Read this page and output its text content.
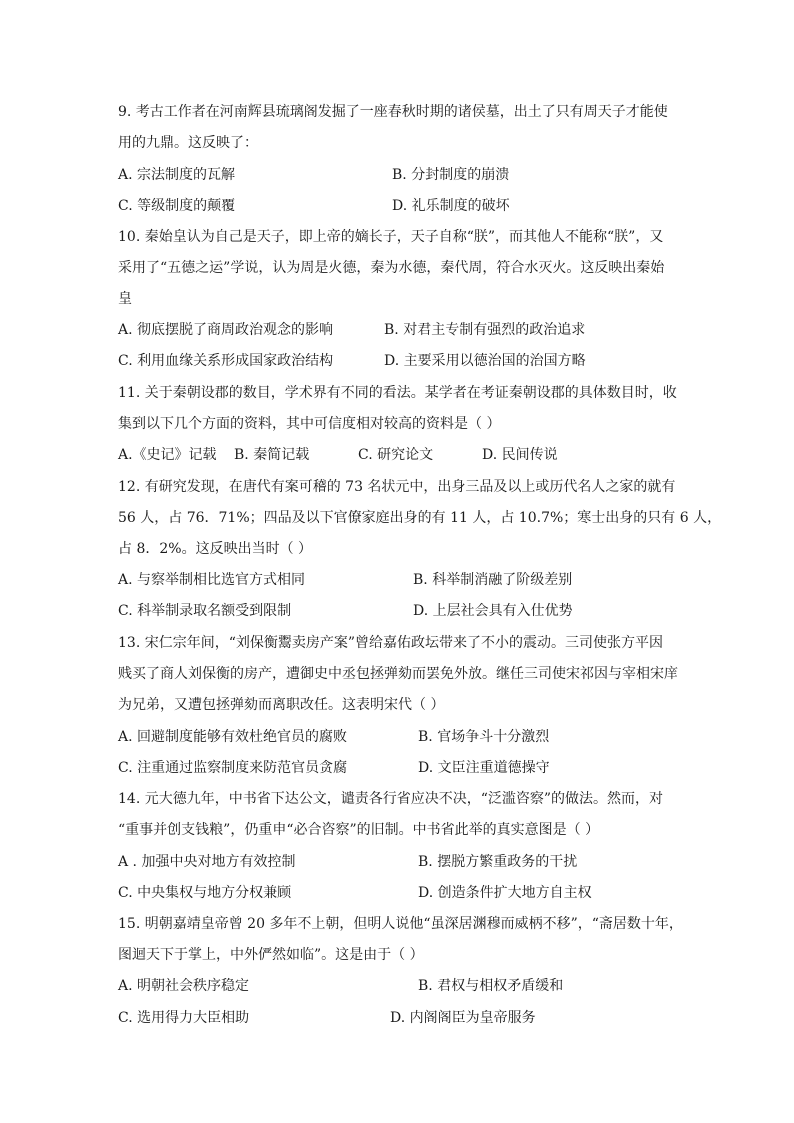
9. 考古工作者在河南辉县琉璃阁发掘了一座春秋时期的诸侯墓，出土了只有周天子才能使
用的九鼎。这反映了：
A. 宗法制度的瓦解	B. 分封制度的崩溃
C. 等级制度的颠覆	D. 礼乐制度的破坏
10. 秦始皇认为自己是天子，即上帝的嫡长子，天子自称“朕”，而其他人不能称“朕”，又
采用了“五德之运”学说，认为周是火德，秦为水德，秦代周，符合水灭火。这反映出秦始
皇
A. 彻底摆脱了商周政治观念的影响	B. 对君主专制有强烈的政治追求
C. 利用血缘关系形成国家政治结构	D. 主要采用以德治国的治国方略
11. 关于秦朝设郡的数目，学术界有不同的看法。某学者在考证秦朝设郡的具体数目时，收
集到以下几个方面的资料，其中可信度相对较高的资料是（ ）
A.《史记》记载 B. 秦简记载	C. 研究论文	D. 民间传说
12. 有研究发现，在唐代有案可稽的 73 名状元中，出身三品及以上或历代名人之家的就有
56 人，占 76．71%；四品及以下官僚家庭出身的有 11 人，占 10.7%；寒士出身的只有 6 人，
占 8．2%。这反映出当时（ ）
A. 与察举制相比选官方式相同	B. 科举制消融了阶级差别
C. 科举制录取名额受到限制	D. 上层社会具有入仕优势
13. 宋仁宗年间，“刘保衡鬻卖房产案”曾给嘉佑政坛带来了不小的震动。三司使张方平因
贱买了商人刘保衡的房产，遭御史中丞包拯弹劾而罢免外放。继任三司使宋祁因与宰相宋庠
为兄弟，又遭包拯弹劾而离职改任。这表明宋代（ ）
A. 回避制度能够有效杜绝官员的腐败	B. 官场争斗十分激烈
C. 注重通过监察制度来防范官员贪腐	D. 文臣注重道德操守
14. 元大德九年，中书省下达公文，谴责各行省应决不决，“泛滥咨察”的做法。然而，对
“重事并创支钱粮”，仍重申“必合咨察”的旧制。中书省此举的真实意图是（ ）
A . 加强中央对地方有效控制	B. 摆脱方繁重政务的干扰
C. 中央集权与地方分权兼顾	D. 创造条件扩大地方自主权
15. 明朝嘉靖皇帝曾 20 多年不上朝，但明人说他“虽深居渊穆而威柄不移”，“斋居数十年，
图迴天下于掌上，中外俨然如临”。这是由于（ ）
A. 明朝社会秩序稳定	B. 君权与相权矛盾缓和
C. 选用得力大臣相助	D. 内阁阁臣为皇帝服务
